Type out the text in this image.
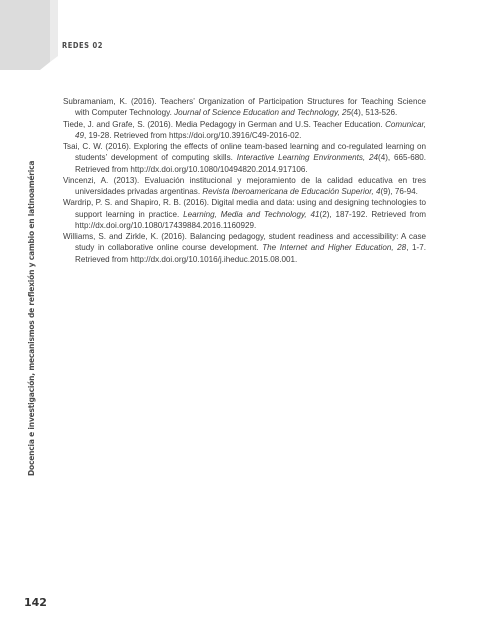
REDES 02

Subramaniam, K. (2016). Teachers’ Organization of Participation Structures for Teaching Science with Computer Technology. Journal of Science Education and Technology, 25(4), 513-526.

Tiede, J. and Grafe, S. (2016). Media Pedagogy in German and U.S. Teacher Education. Comunicar, 49, 19-28. Retrieved from https://doi.org/10.3916/C49-2016-02.

Tsai, C. W. (2016). Exploring the effects of online team-based learning and co-regulated learning on students’ development of computing skills. Interactive Learning Environments, 24(4), 665-680. Retrieved from http://dx.doi.org/10.1080/10494820.2014.917106.

Vincenzi, A. (2013). Evaluación institucional y mejoramiento de la calidad educativa en tres universidades privadas argentinas. Revista Iberoamericana de Educación Superior, 4(9), 76-94.

Wardrip, P. S. and Shapiro, R. B. (2016). Digital media and data: using and designing technologies to support learning in practice. Learning, Media and Technology, 41(2), 187-192. Retrieved from http://dx.doi.org/10.1080/17439884.2016.1160929.

Williams, S. and Zirkle, K. (2016). Balancing pedagogy, student readiness and accessibility: A case study in collaborative online course development. The Internet and Higher Education, 28, 1-7. Retrieved from http://dx.doi.org/10.1016/j.iheduc.2015.08.001.

Docencia e investigación, mecanismos de reflexión y cambio en latinoamérica
142
